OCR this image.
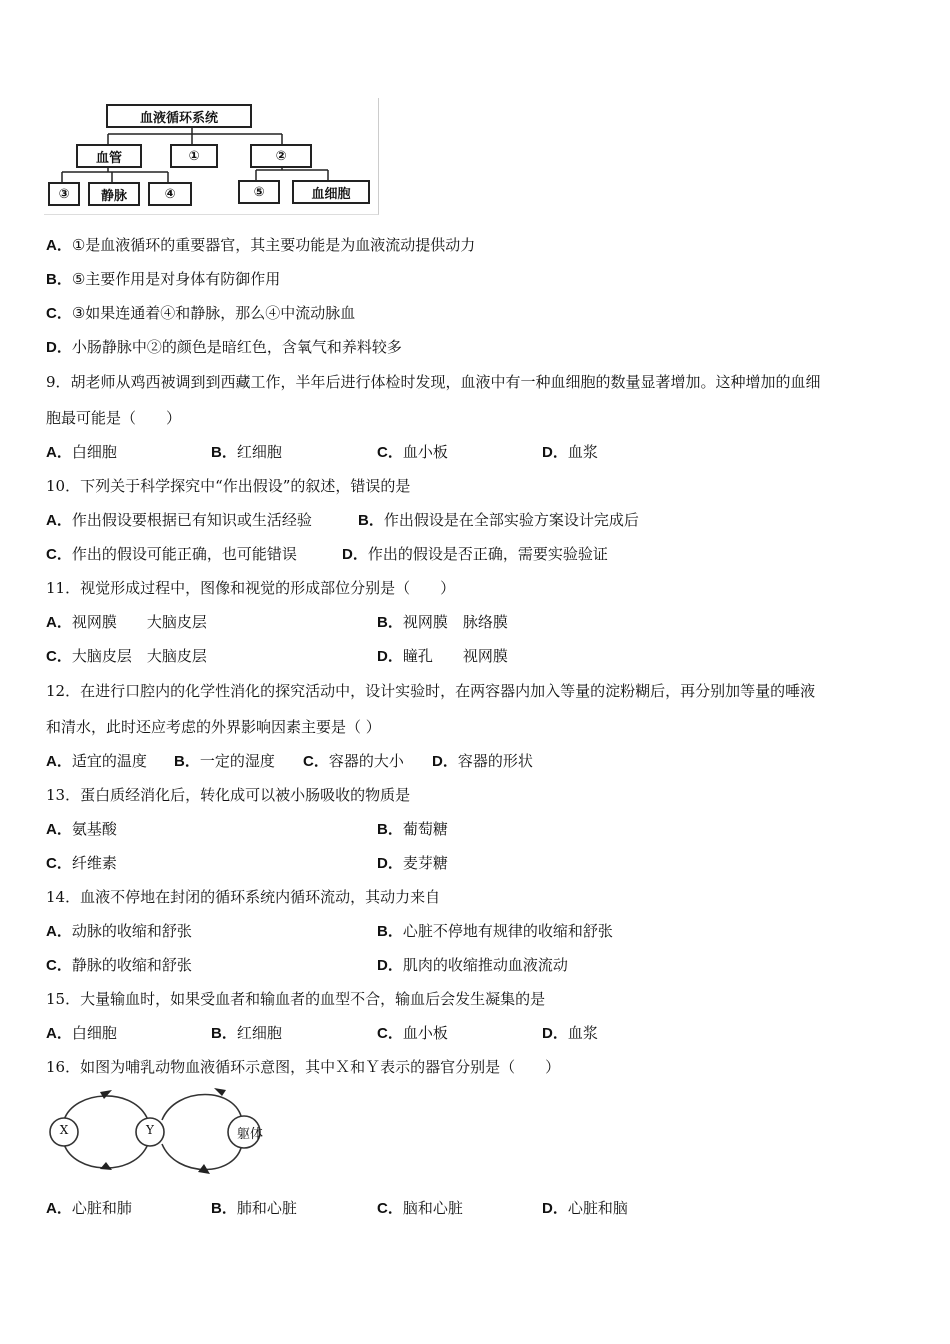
血液循环系统
血管	①	②
③	静脉	④	⑤	血细胞
A．①是血液循环的重要器官，其主要功能是为血液流动提供动力
B．⑤主要作用是对身体有防御作用
C．③如果连通着④和静脉，那么④中流动脉血
D．小肠静脉中②的颜色是暗红色，含氧气和养料较多
9．胡老师从鸡西被调到到西藏工作，半年后进行体检时发现，血液中有一种血细胞的数量显著增加。这种增加的血细
胞最可能是（　　）
A．白细胞	B．红细胞	C．血小板	D．血浆
10．下列关于科学探究中“作出假设”的叙述，错误的是
A．作出假设要根据已有知识或生活经验	B．作出假设是在全部实验方案设计完成后
C．作出的假设可能正确，也可能错误	D．作出的假设是否正确，需要实验验证
11．视觉形成过程中，图像和视觉的形成部位分别是（　　）
A．视网膜　　大脑皮层	B．视网膜　脉络膜
C．大脑皮层　大脑皮层	D．瞳孔　　视网膜
12．在进行口腔内的化学性消化的探究活动中，设计实验时，在两容器内加入等量的淀粉糊后，再分别加等量的唾液
和清水，此时还应考虑的外界影响因素主要是（ ）
A．适宜的温度 B．一定的湿度 C．容器的大小 D．容器的形状
13．蛋白质经消化后，转化成可以被小肠吸收的物质是
A．氨基酸	B．葡萄糖
C．纤维素	D．麦芽糖
14．血液不停地在封闭的循环系统内循环流动，其动力来自
A．动脉的收缩和舒张	B．心脏不停地有规律的收缩和舒张
C．静脉的收缩和舒张	D．肌肉的收缩推动血液流动
15．大量输血时，如果受血者和输血者的血型不合，输血后会发生凝集的是
A．白细胞	B．红细胞	C．血小板	D．血浆
16．如图为哺乳动物血液循环示意图，其中Ｘ和Ｙ表示的器官分别是（　　）
X	Y	躯体
A．心脏和肺	B．肺和心脏	C．脑和心脏	D．心脏和脑
